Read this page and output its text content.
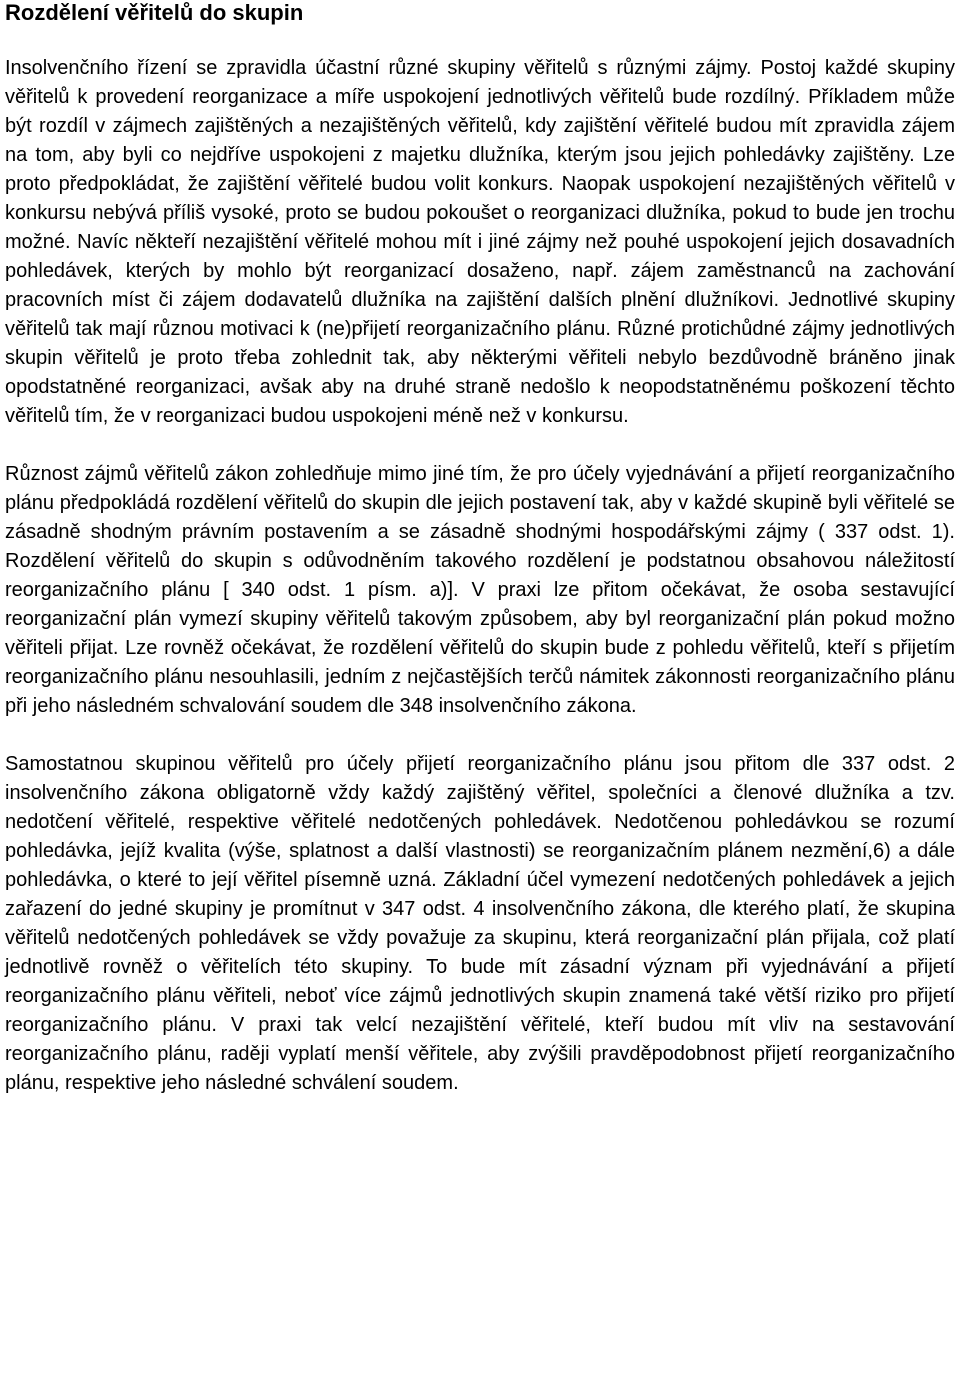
Rozdělení věřitelů do skupin

Insolvenčního řízení se zpravidla účastní různé skupiny věřitelů s různými zájmy. Postoj každé skupiny věřitelů k provedení reorganizace a míře uspokojení jednotlivých věřitelů bude rozdílný. Příkladem může být rozdíl v zájmech zajištěných a nezajištěných věřitelů, kdy zajištění věřitelé budou mít zpravidla zájem na tom, aby byli co nejdříve uspokojeni z majetku dlužníka, kterým jsou jejich pohledávky zajištěny. Lze proto předpokládat, že zajištění věřitelé budou volit konkurs. Naopak uspokojení nezajištěných věřitelů v konkursu nebývá příliš vysoké, proto se budou pokoušet o reorganizaci dlužníka, pokud to bude jen trochu možné. Navíc někteří nezajištění věřitelé mohou mít i jiné zájmy než pouhé uspokojení jejich dosavadních pohledávek, kterých by mohlo být reorganizací dosaženo, např. zájem zaměstnanců na zachování pracovních míst či zájem dodavatelů dlužníka na zajištění dalších plnění dlužníkovi. Jednotlivé skupiny věřitelů tak mají různou motivaci k (ne)přijetí reorganizačního plánu. Různé protichůdné zájmy jednotlivých skupin věřitelů je proto třeba zohlednit tak, aby některými věřiteli nebylo bezdůvodně bráněno jinak opodstatněné reorganizaci, avšak aby na druhé straně nedošlo k neopodstatněnému poškození těchto věřitelů tím, že v reorganizaci budou uspokojeni méně než v konkursu.

Různost zájmů věřitelů zákon zohledňuje mimo jiné tím, že pro účely vyjednávání a přijetí reorganizačního plánu předpokládá rozdělení věřitelů do skupin dle jejich postavení tak, aby v každé skupině byli věřitelé se zásadně shodným právním postavením a se zásadně shodnými hospodářskými zájmy ( 337 odst. 1). Rozdělení věřitelů do skupin s odůvodněním takového rozdělení je podstatnou obsahovou náležitostí reorganizačního plánu [ 340 odst. 1 písm. a)]. V praxi lze přitom očekávat, že osoba sestavující reorganizační plán vymezí skupiny věřitelů takovým způsobem, aby byl reorganizační plán pokud možno věřiteli přijat. Lze rovněž očekávat, že rozdělení věřitelů do skupin bude z pohledu věřitelů, kteří s přijetím reorganizačního plánu nesouhlasili, jedním z nejčastějších terčů námitek zákonnosti reorganizačního plánu při jeho následném schvalování soudem dle 348 insolvenčního zákona.

Samostatnou skupinou věřitelů pro účely přijetí reorganizačního plánu jsou přitom dle 337 odst. 2 insolvenčního zákona obligatorně vždy každý zajištěný věřitel, společníci a členové dlužníka a tzv. nedotčení věřitelé, respektive věřitelé nedotčených pohledávek. Nedotčenou pohledávkou se rozumí pohledávka, jejíž kvalita (výše, splatnost a další vlastnosti) se reorganizačním plánem nezmění,6) a dále pohledávka, o které to její věřitel písemně uzná. Základní účel vymezení nedotčených pohledávek a jejich zařazení do jedné skupiny je promítnut v 347 odst. 4 insolvenčního zákona, dle kterého platí, že skupina věřitelů nedotčených pohledávek se vždy považuje za skupinu, která reorganizační plán přijala, což platí jednotlivě rovněž o věřitelích této skupiny. To bude mít zásadní význam při vyjednávání a přijetí reorganizačního plánu věřiteli, neboť více zájmů jednotlivých skupin znamená také větší riziko pro přijetí reorganizačního plánu. V praxi tak velcí nezajištění věřitelé, kteří budou mít vliv na sestavování reorganizačního plánu, raději vyplatí menší věřitele, aby zvýšili pravděpodobnost přijetí reorganizačního plánu, respektive jeho následné schválení soudem.
